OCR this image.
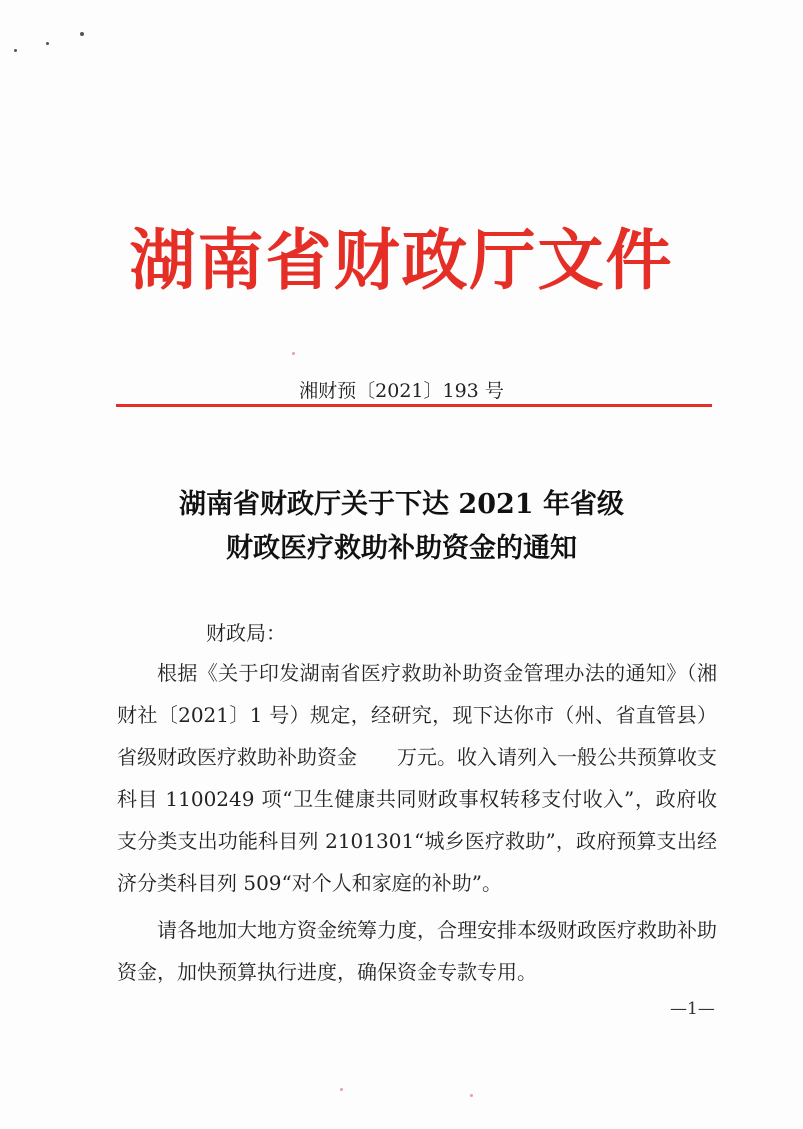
湖南省财政厅文件
湘财预〔2021〕193 号
湖南省财政厅关于下达 2021 年省级
财政医疗救助补助资金的通知
财政局：

根据《关于印发湖南省医疗救助补助资金管理办法的通知》（湘财社〔2021〕1 号）规定，经研究，现下达你市（州、省直管县）省级财政医疗救助补助资金　　万元。收入请列入一般公共预算收支科目 1100249 项“卫生健康共同财政事权转移支付收入”，政府收支分类支出功能科目列 2101301“城乡医疗救助”，政府预算支出经济分类科目列 509“对个人和家庭的补助”。

请各地加大地方资金统筹力度，合理安排本级财政医疗救助补助资金，加快预算执行进度，确保资金专款专用。

—1—
